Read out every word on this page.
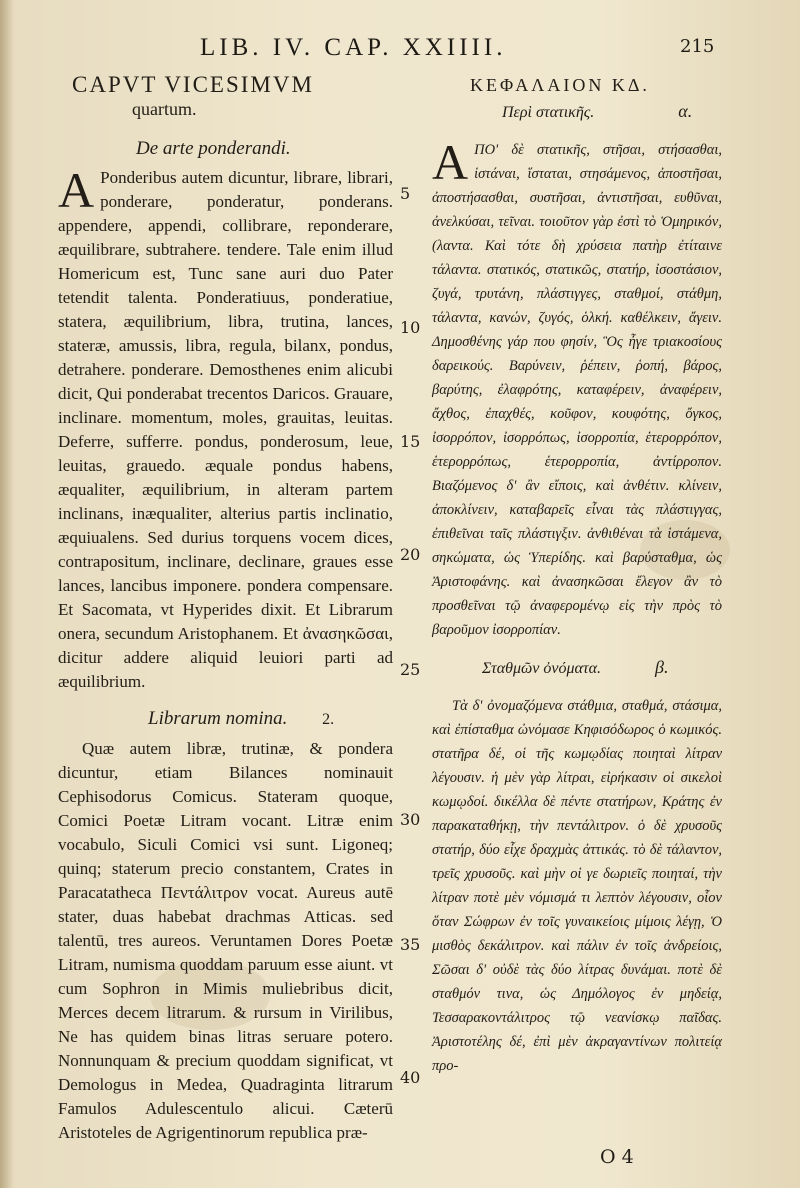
LIB. IV. CAP. XXIIII.	215
CAPVT VICESIMVM
quartum.
De arte ponderandi.
A Ponderibus autem dicuntur, librare, librari, ponderare, ponderatur, ponderans. appendere, appendi, collibrare, reponderare, æquilibrare, subtrahere. tendere. Tale enim illud Homericum est, Tunc sane auri duo Pater tetendit talenta. Ponderatiuus, ponderatiue, statera, æquilibrium, libra, trutina, lances, stateræ, amussis, libra, regula, bilanx, pondus, detrahere. ponderare. Demosthenes enim alicubi dicit, Qui ponderabat trecentos Daricos. Grauare, inclinare. momentum, moles, grauitas, leuitas. Deferre, sufferre. pondus, ponderosum, leue, leuitas, grauedo. æquale pondus habens, æqualiter, æquilibrium, in alteram partem inclinans, inæqualiter, alterius partis inclinatio, æquiualens. Sed durius torquens vocem dices, contrapositum, inclinare, declinare, graues esse lances, lancibus imponere. pondera compensare. Et Sacomata, vt Hyperides dixit. Et Librarum onera, secundum Aristophanem. Et ἀνασηκῶσαι, dicitur addere aliquid leuiori parti ad æquilibrium.
Librarum nomina. 2.
Quæ autem libræ, trutinæ, & pondera dicuntur, etiam Bilances nominauit Cephisodorus Comicus. Stateram quoque, Comici Poetæ Litram vocant. Litræ enim vocabulo, Siculi Comici vsi sunt. Ligoneq; quinq; staterum precio constantem, Crates in Paracatatheca Πεντάλιτρον vocat. Aureus autē stater, duas habebat drachmas Atticas. sed talentū, tres aureos. Veruntamen Dores Poetæ Litram, numisma quoddam paruum esse aiunt. vt cum Sophron in Mimis muliebribus dicit, Merces decem litrarum. & rursum in Virilibus, Ne has quidem binas litras seruare potero. Nonnunquam & precium quoddam significat, vt Demologus in Medea, Quadraginta litrarum Famulos Adulescentulo alicui. Cæterū Aristoteles de Agrigentinorum republica præ-
ΚΕΦΑΛΑΙΟΝ ΚΔ.
Περὶ στατικῆς.	α.
Α ΠΟ' δὲ στατικῆς, στῆσαι, στήσασθαι, ἱστάναι, ἵσταται, στησάμενος, ἀποστῆσαι, ἀποστήσασθαι, συστῆσαι, ἀντιστῆσαι, ευθῦναι, ἀνελκύσαι, τεῖναι. τοιοῦτον γὰρ ἐστὶ τὸ Ὁμηρικόν, (λαντα. Καὶ τότε δὴ χρύσεια πατὴρ ἐτίταινε τάλαντα. στατικός, στατικῶς, στατήρ, ἰσοστάσιον, ζυγά, τρυτάνη, πλάστιγγες, σταθμοί, στάθμη, τάλαντα, κανών, ζυγός, ὁλκή. καθέλκειν, ἄγειν. Δημοσθένης γάρ που φησίν, Ὃς ἦγε τριακοσίους δαρεικούς. Βαρύνειν, ῥέπειν, ῥοπή, βάρος, βαρύτης, ἐλαφρότης, καταφέρειν, ἀναφέρειν, ἄχθος, ἐπαχθές, κοῦφον, κουφότης, ὄγκος, ἰσορρόπον, ἰσορρόπως, ἰσορροπία, ἑτερορρόπον, ἑτερορρόπως, ἑτερορροπία, ἀντίρροπον. Βιαζόμενος δ' ἂν εἴποις, καὶ ἀνθέτιν. κλίνειν, ἀποκλίνειν, καταβαρεῖς εἶναι τὰς πλάστιγγας, ἐπιθεῖναι ταῖς πλάστιγξιν. ἀνθιθέναι τὰ ἱστάμενα, σηκώματα, ὡς Ὑπερίδης. καὶ βαρύσταθμα, ὡς Ἀριστοφάνης. καὶ ἀνασηκῶσαι ἔλεγον ἂν τὸ προσθεῖναι τῷ ἀναφερομένῳ εἰς τὴν πρὸς τὸ βαροῦμον ἰσορροπίαν.
Σταθμῶν ὀνόματα.	β.
Τὰ δ' ὀνομαζόμενα στάθμια, σταθμά, στάσιμα, καὶ ἐπίσταθμα ὠνόμασε Κηφισόδωρος ὁ κωμικός. στατῆρα δέ, οἱ τῆς κωμῳδίας ποιηταὶ λίτραν λέγουσιν. ἡ μὲν γὰρ λίτραι, εἰρήκασιν οἱ σικελοὶ κωμῳδοί. δικέλλα δὲ πέντε στατήρων, Κράτης ἐν παρακαταθήκῃ, τὴν πεντάλιτρον. ὁ δὲ χρυσοῦς στατήρ, δύο εἶχε δραχμὰς ἀττικάς. τὸ δὲ τάλαντον, τρεῖς χρυσοῦς. καὶ μὴν οἱ γε δωριεῖς ποιηταί, τὴν λίτραν ποτὲ μὲν νόμισμά τι λεπτὸν λέγουσιν, οἷον ὅταν Σώφρων ἐν τοῖς γυναικείοις μίμοις λέγῃ, Ὁ μισθὸς δεκάλιτρον. καὶ πάλιν ἐν τοῖς ἀνδρείοις, Σῶσαι δ' οὐδὲ τὰς δύο λίτρας δυνάμαι. ποτὲ δὲ σταθμόν τινα, ὡς Δημόλογος ἐν μηδείᾳ, Τεσσαρακοντάλιτρος τῷ νεανίσκῳ παῖδας. Ἀριστοτέλης δέ, ἐπὶ μὲν ἀκραγαντίνων πολιτείᾳ προ-
5
10
15
20
25
30
35
40
O 4
